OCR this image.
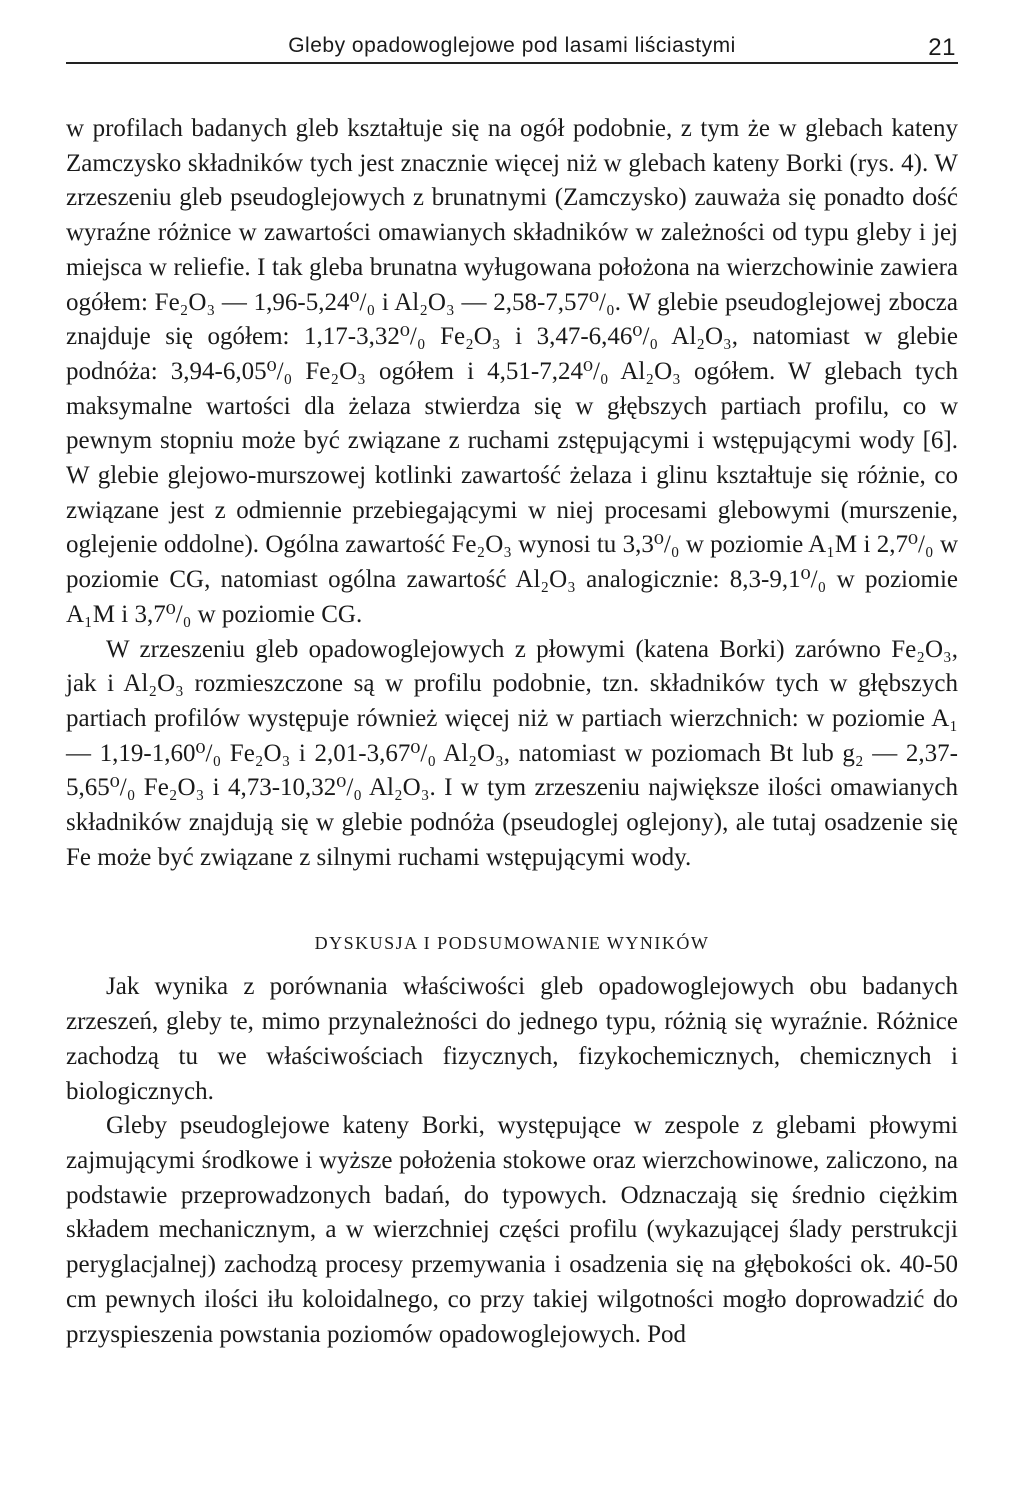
Gleby opadowoglejowe pod lasami liściastymi	21

w profilach badanych gleb kształtuje się na ogół podobnie, z tym że w glebach kateny Zamczysko składników tych jest znacznie więcej niż w glebach kateny Borki (rys. 4). W zrzeszeniu gleb pseudoglejowych z brunatnymi (Zamczysko) zauważa się ponadto dość wyraźne różnice w zawartości omawianych składników w zależności od typu gleby i jej miejsca w reliefie. I tak gleba brunatna wyługowana położona na wierzchowinie zawiera ogółem: Fe₂O₃ — 1,96-5,24⁰/₀ i Al₂O₃ — 2,58-7,57⁰/₀. W glebie pseudoglejowej zbocza znajduje się ogółem: 1,17-3,32⁰/₀ Fe₂O₃ i 3,47-6,46⁰/₀ Al₂O₃, natomiast w glebie podnóża: 3,94-6,05⁰/₀ Fe₂O₃ ogółem i 4,51-7,24⁰/₀ Al₂O₃ ogółem. W glebach tych maksymalne wartości dla żelaza stwierdza się w głębszych partiach profilu, co w pewnym stopniu może być związane z ruchami zstępującymi i wstępującymi wody [6]. W glebie glejowo-murszowej kotlinki zawartość żelaza i glinu kształtuje się różnie, co związane jest z odmiennie przebiegającymi w niej procesami glebowymi (murszenie, oglejenie oddolne). Ogólna zawartość Fe₂O₃ wynosi tu 3,3⁰/₀ w poziomie A₁M i 2,7⁰/₀ w poziomie CG, natomiast ogólna zawartość Al₂O₃ analogicznie: 8,3-9,1⁰/₀ w poziomie A₁M i 3,7⁰/₀ w poziomie CG.

W zrzeszeniu gleb opadowoglejowych z płowymi (katena Borki) zarówno Fe₂O₃, jak i Al₂O₃ rozmieszczone są w profilu podobnie, tzn. składników tych w głębszych partiach profilów występuje również więcej niż w partiach wierzchnich: w poziomie A₁ — 1,19-1,60⁰/₀ Fe₂O₃ i 2,01-3,67⁰/₀ Al₂O₃, natomiast w poziomach Bt lub g₂ — 2,37-5,65⁰/₀ Fe₂O₃ i 4,73-10,32⁰/₀ Al₂O₃. I w tym zrzeszeniu największe ilości omawianych składników znajdują się w glebie podnóża (pseudoglej oglejony), ale tutaj osadzenie się Fe może być związane z silnymi ruchami wstępującymi wody.

DYSKUSJA I PODSUMOWANIE WYNIKÓW

Jak wynika z porównania właściwości gleb opadowoglejowych obu badanych zrzeszeń, gleby te, mimo przynależności do jednego typu, różnią się wyraźnie. Różnice zachodzą tu we właściwościach fizycznych, fizykochemicznych, chemicznych i biologicznych.

Gleby pseudoglejowe kateny Borki, występujące w zespole z glebami płowymi zajmującymi środkowe i wyższe położenia stokowe oraz wierzchowinowe, zaliczono, na podstawie przeprowadzonych badań, do typowych. Odznaczają się średnio ciężkim składem mechanicznym, a w wierzchniej części profilu (wykazującej ślady perstrukcji peryglacjalnej) zachodzą procesy przemywania i osadzenia się na głębokości ok. 40-50 cm pewnych ilości iłu koloidalnego, co przy takiej wilgotności mogło doprowadzić do przyspieszenia powstania poziomów opadowoglejowych. Pod
